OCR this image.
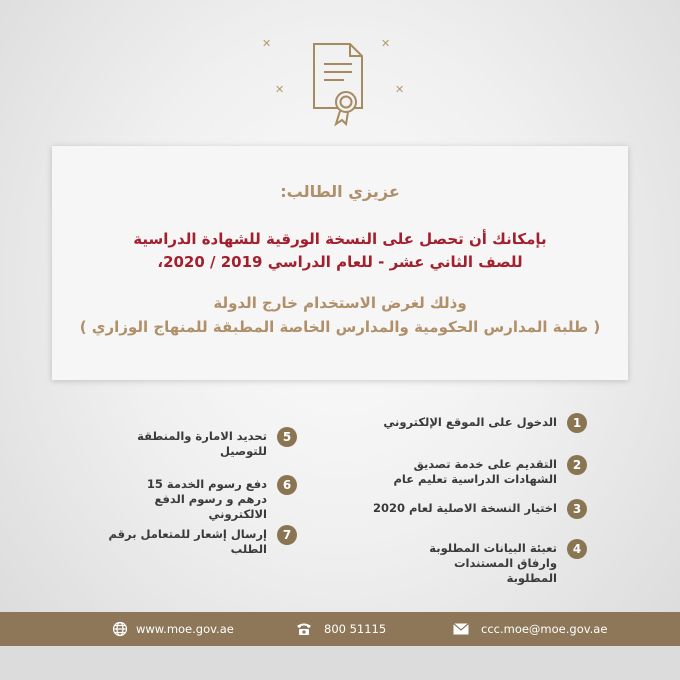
✕	✕
✕	✕
عزيزي الطالب:
بإمكانك أن تحصل على النسخة الورقية للشهادة الدراسية
للصف الثاني عشر - للعام الدراسي 2019 / 2020،
وذلك لغرض الاستخدام خارج الدولة
( طلبة المدارس الحكومية والمدارس الخاصة المطبقة للمنهاج الوزاري )
1
الدخول على الموقع الإلكتروني
2
التقديم على خدمة تصديق الشهادات الدراسية تعليم عام
3
اختيار النسخة الاصلية لعام 2020
4
تعبئة البيانات المطلوبة وارفاق المستندات المطلوبة
5
تحديد الامارة والمنطقة للتوصيل
6
دفع رسوم الخدمة 15 درهم و رسوم الدفع الالكتروني
7
إرسال إشعار للمتعامل برقم الطلب
www.moe.gov.ae	800 51115	ccc.moe@moe.gov.ae
